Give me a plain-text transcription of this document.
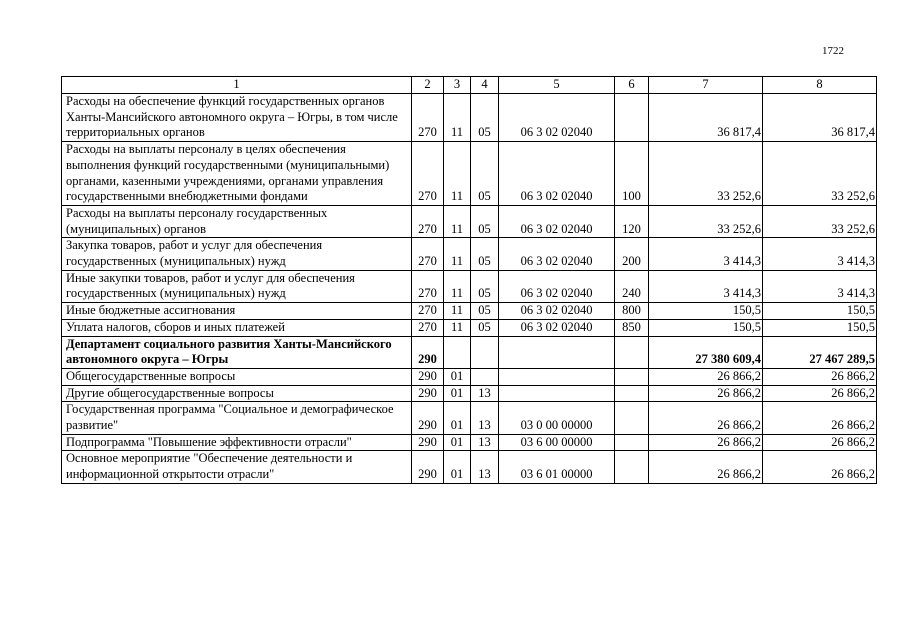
1722
1	2	3	4	5	6	7	8
Расходы на обеспечение функций государственных органов Ханты-Мансийского автономного округа – Югры, в том числе территориальных органов	270	11	05	06 3 02 02040		36 817,4	36 817,4
Расходы на выплаты персоналу в целях обеспечения выполнения функций государственными (муниципальными) органами, казенными учреждениями, органами управления государственными внебюджетными фондами	270	11	05	06 3 02 02040	100	33 252,6	33 252,6
Расходы на выплаты персоналу государственных (муниципальных) органов	270	11	05	06 3 02 02040	120	33 252,6	33 252,6
Закупка товаров, работ и услуг для обеспечения государственных (муниципальных) нужд	270	11	05	06 3 02 02040	200	3 414,3	3 414,3
Иные закупки товаров, работ и услуг для обеспечения государственных (муниципальных) нужд	270	11	05	06 3 02 02040	240	3 414,3	3 414,3
Иные бюджетные ассигнования	270	11	05	06 3 02 02040	800	150,5	150,5
Уплата налогов, сборов и иных платежей	270	11	05	06 3 02 02040	850	150,5	150,5
Департамент социального развития Ханты-Мансийского автономного округа – Югры	290					27 380 609,4	27 467 289,5
Общегосударственные вопросы	290	01				26 866,2	26 866,2
Другие общегосударственные вопросы	290	01	13			26 866,2	26 866,2
Государственная программа "Социальное и демографическое развитие"	290	01	13	03 0 00 00000		26 866,2	26 866,2
Подпрограмма "Повышение эффективности отрасли"	290	01	13	03 6 00 00000		26 866,2	26 866,2
Основное мероприятие "Обеспечение деятельности и информационной открытости отрасли"	290	01	13	03 6 01 00000		26 866,2	26 866,2
